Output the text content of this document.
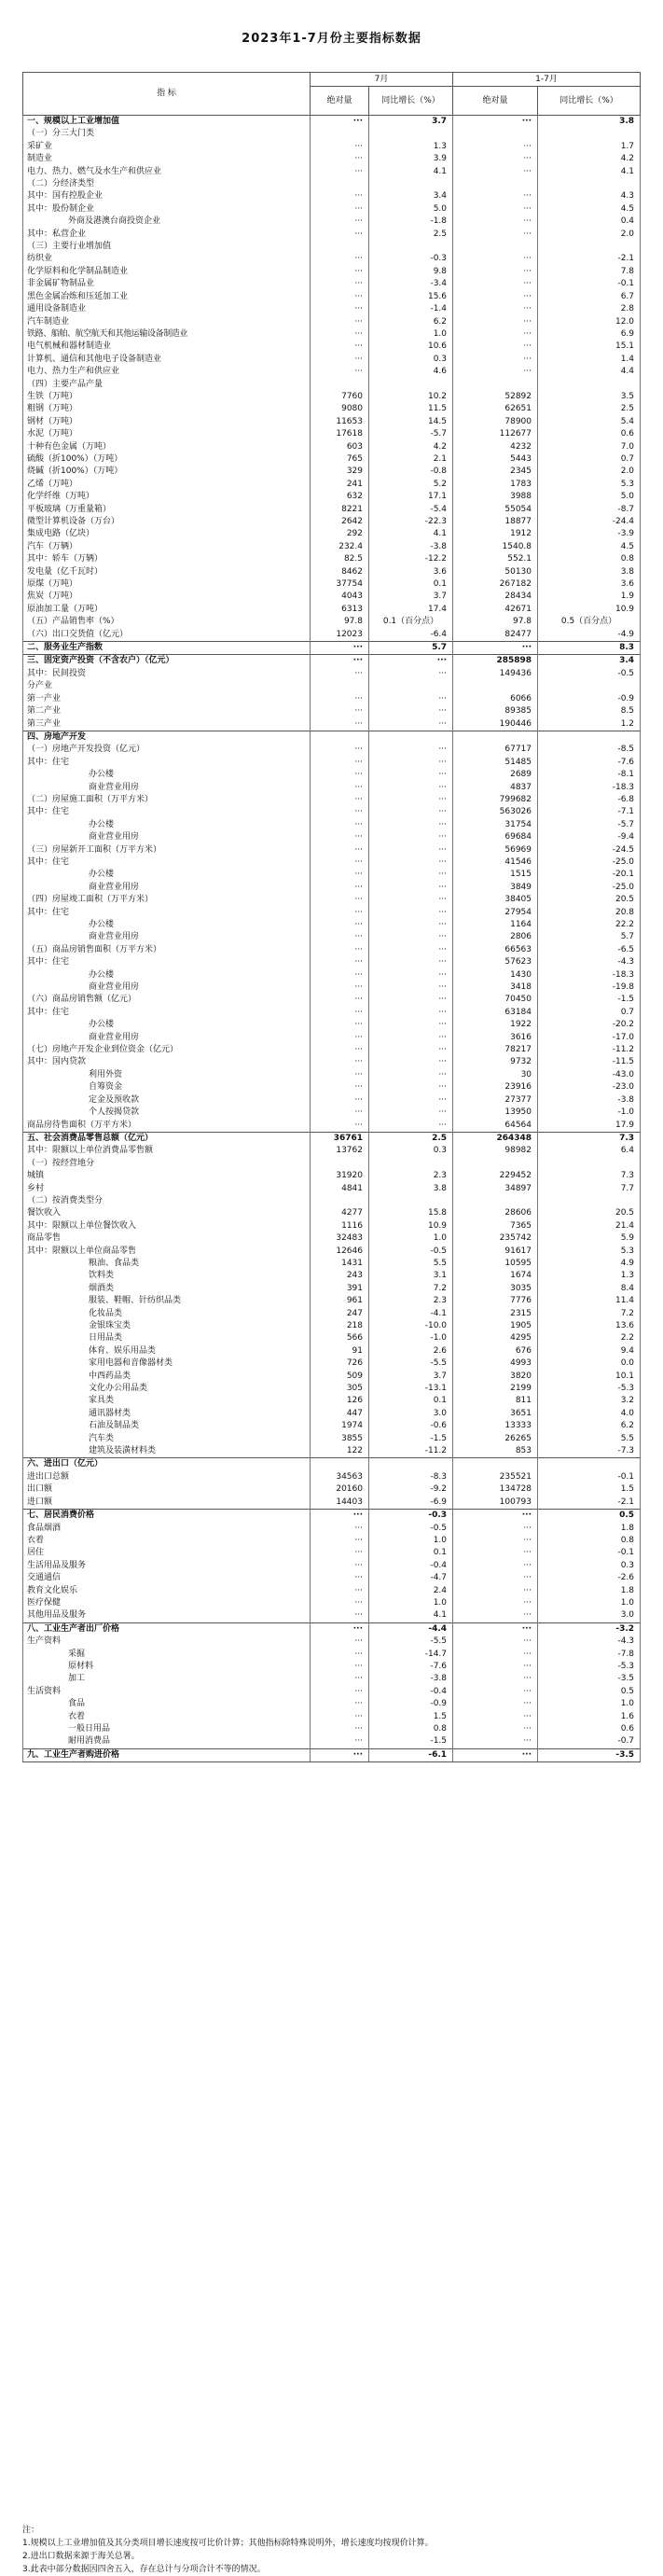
2023年1-7月份主要指标数据
指 标	7月		1-7月	
	绝对量	同比增长（%）	绝对量	同比增长（%）
一、规模以上工业增加值	···	3.7	···	3.8
（一）分三大门类				
采矿业	···	1.3	···	1.7
制造业	···	3.9	···	4.2
电力、热力、燃气及水生产和供应业	···	4.1	···	4.1
（二）分经济类型				
其中：国有控股企业	···	3.4	···	4.3
其中：股份制企业	···	5.0	···	4.5
外商及港澳台商投资企业	···	-1.8	···	0.4
其中：私营企业	···	2.5	···	2.0
（三）主要行业增加值				
纺织业	···	-0.3	···	-2.1
化学原料和化学制品制造业	···	9.8	···	7.8
非金属矿物制品业	···	-3.4	···	-0.1
黑色金属冶炼和压延加工业	···	15.6	···	6.7
通用设备制造业	···	-1.4	···	2.8
汽车制造业	···	6.2	···	12.0
铁路、船舶、航空航天和其他运输设备制造业	···	1.0	···	6.9
电气机械和器材制造业	···	10.6	···	15.1
计算机、通信和其他电子设备制造业	···	0.3	···	1.4
电力、热力生产和供应业	···	4.6	···	4.4
（四）主要产品产量				
生铁（万吨）	7760	10.2	52892	3.5
粗钢（万吨）	9080	11.5	62651	2.5
钢材（万吨）	11653	14.5	78900	5.4
水泥（万吨）	17618	-5.7	112677	0.6
十种有色金属（万吨）	603	4.2	4232	7.0
硫酸（折100%）（万吨）	765	2.1	5443	0.7
烧碱（折100%）（万吨）	329	-0.8	2345	2.0
乙烯（万吨）	241	5.2	1783	5.3
化学纤维（万吨）	632	17.1	3988	5.0
平板玻璃（万重量箱）	8221	-5.4	55054	-8.7
微型计算机设备（万台）	2642	-22.3	18877	-24.4
集成电路（亿块）	292	4.1	1912	-3.9
汽车（万辆）	232.4	-3.8	1540.8	4.5
其中：轿车（万辆）	82.5	-12.2	552.1	0.8
发电量（亿千瓦时）	8462	3.6	50130	3.8
原煤（万吨）	37754	0.1	267182	3.6
焦炭（万吨）	4043	3.7	28434	1.9
原油加工量（万吨）	6313	17.4	42671	10.9
（五）产品销售率（%）	97.8	0.1（百分点）	97.8	0.5（百分点）
（六）出口交货值（亿元）	12023	-6.4	82477	-4.9
二、服务业生产指数	···	5.7	···	8.3
三、固定资产投资（不含农户）（亿元）	···	···	285898	3.4
其中：民间投资	···	···	149436	-0.5
分产业				
第一产业	···	···	6066	-0.9
第二产业	···	···	89385	8.5
第三产业	···	···	190446	1.2
四、房地产开发				
（一）房地产开发投资（亿元）	···	···	67717	-8.5
其中：住宅	···	···	51485	-7.6
办公楼	···	···	2689	-8.1
商业营业用房	···	···	4837	-18.3
（二）房屋施工面积（万平方米）	···	···	799682	-6.8
其中：住宅	···	···	563026	-7.1
办公楼	···	···	31754	-5.7
商业营业用房	···	···	69684	-9.4
（三）房屋新开工面积（万平方米）	···	···	56969	-24.5
其中：住宅	···	···	41546	-25.0
办公楼	···	···	1515	-20.1
商业营业用房	···	···	3849	-25.0
（四）房屋竣工面积（万平方米）	···	···	38405	20.5
其中：住宅	···	···	27954	20.8
办公楼	···	···	1164	22.2
商业营业用房	···	···	2806	5.7
（五）商品房销售面积（万平方米）	···	···	66563	-6.5
其中：住宅	···	···	57623	-4.3
办公楼	···	···	1430	-18.3
商业营业用房	···	···	3418	-19.8
（六）商品房销售额（亿元）	···	···	70450	-1.5
其中：住宅	···	···	63184	0.7
办公楼	···	···	1922	-20.2
商业营业用房	···	···	3616	-17.0
（七）房地产开发企业到位资金（亿元）	···	···	78217	-11.2
其中：国内贷款	···	···	9732	-11.5
利用外资	···	···	30	-43.0
自筹资金	···	···	23916	-23.0
定金及预收款	···	···	27377	-3.8
个人按揭贷款	···	···	13950	-1.0
商品房待售面积（万平方米）	···	···	64564	17.9
五、社会消费品零售总额（亿元）	36761	2.5	264348	7.3
其中：限额以上单位消费品零售额	13762	0.3	98982	6.4
（一）按经营地分				
城镇	31920	2.3	229452	7.3
乡村	4841	3.8	34897	7.7
（二）按消费类型分				
餐饮收入	4277	15.8	28606	20.5
其中：限额以上单位餐饮收入	1116	10.9	7365	21.4
商品零售	32483	1.0	235742	5.9
其中：限额以上单位商品零售	12646	-0.5	91617	5.3
粮油、食品类	1431	5.5	10595	4.9
饮料类	243	3.1	1674	1.3
烟酒类	391	7.2	3035	8.4
服装、鞋帽、针纺织品类	961	2.3	7776	11.4
化妆品类	247	-4.1	2315	7.2
金银珠宝类	218	-10.0	1905	13.6
日用品类	566	-1.0	4295	2.2
体育、娱乐用品类	91	2.6	676	9.4
家用电器和音像器材类	726	-5.5	4993	0.0
中西药品类	509	3.7	3820	10.1
文化办公用品类	305	-13.1	2199	-5.3
家具类	126	0.1	811	3.2
通讯器材类	447	3.0	3651	4.0
石油及制品类	1974	-0.6	13333	6.2
汽车类	3855	-1.5	26265	5.5
建筑及装潢材料类	122	-11.2	853	-7.3
六、进出口（亿元）				
进出口总额	34563	-8.3	235521	-0.1
出口额	20160	-9.2	134728	1.5
进口额	14403	-6.9	100793	-2.1
七、居民消费价格	···	-0.3	···	0.5
食品烟酒	···	-0.5	···	1.8
衣着	···	1.0	···	0.8
居住	···	0.1	···	-0.1
生活用品及服务	···	-0.4	···	0.3
交通通信	···	-4.7	···	-2.6
教育文化娱乐	···	2.4	···	1.8
医疗保健	···	1.0	···	1.0
其他用品及服务	···	4.1	···	3.0
八、工业生产者出厂价格	···	-4.4	···	-3.2
生产资料	···	-5.5	···	-4.3
采掘	···	-14.7	···	-7.8
原材料	···	-7.6	···	-5.3
加工	···	-3.8	···	-3.5
生活资料	···	-0.4	···	0.5
食品	···	-0.9	···	1.0
衣着	···	1.5	···	1.6
一般日用品	···	0.8	···	0.6
耐用消费品	···	-1.5	···	-0.7
九、工业生产者购进价格	···	-6.1	···	-3.5
注：
1.规模以上工业增加值及其分类项目增长速度按可比价计算；其他指标除特殊说明外，增长速度均按现价计算。
2.进出口数据来源于海关总署。
3.此表中部分数据因四舍五入，存在总计与分项合计不等的情况。
